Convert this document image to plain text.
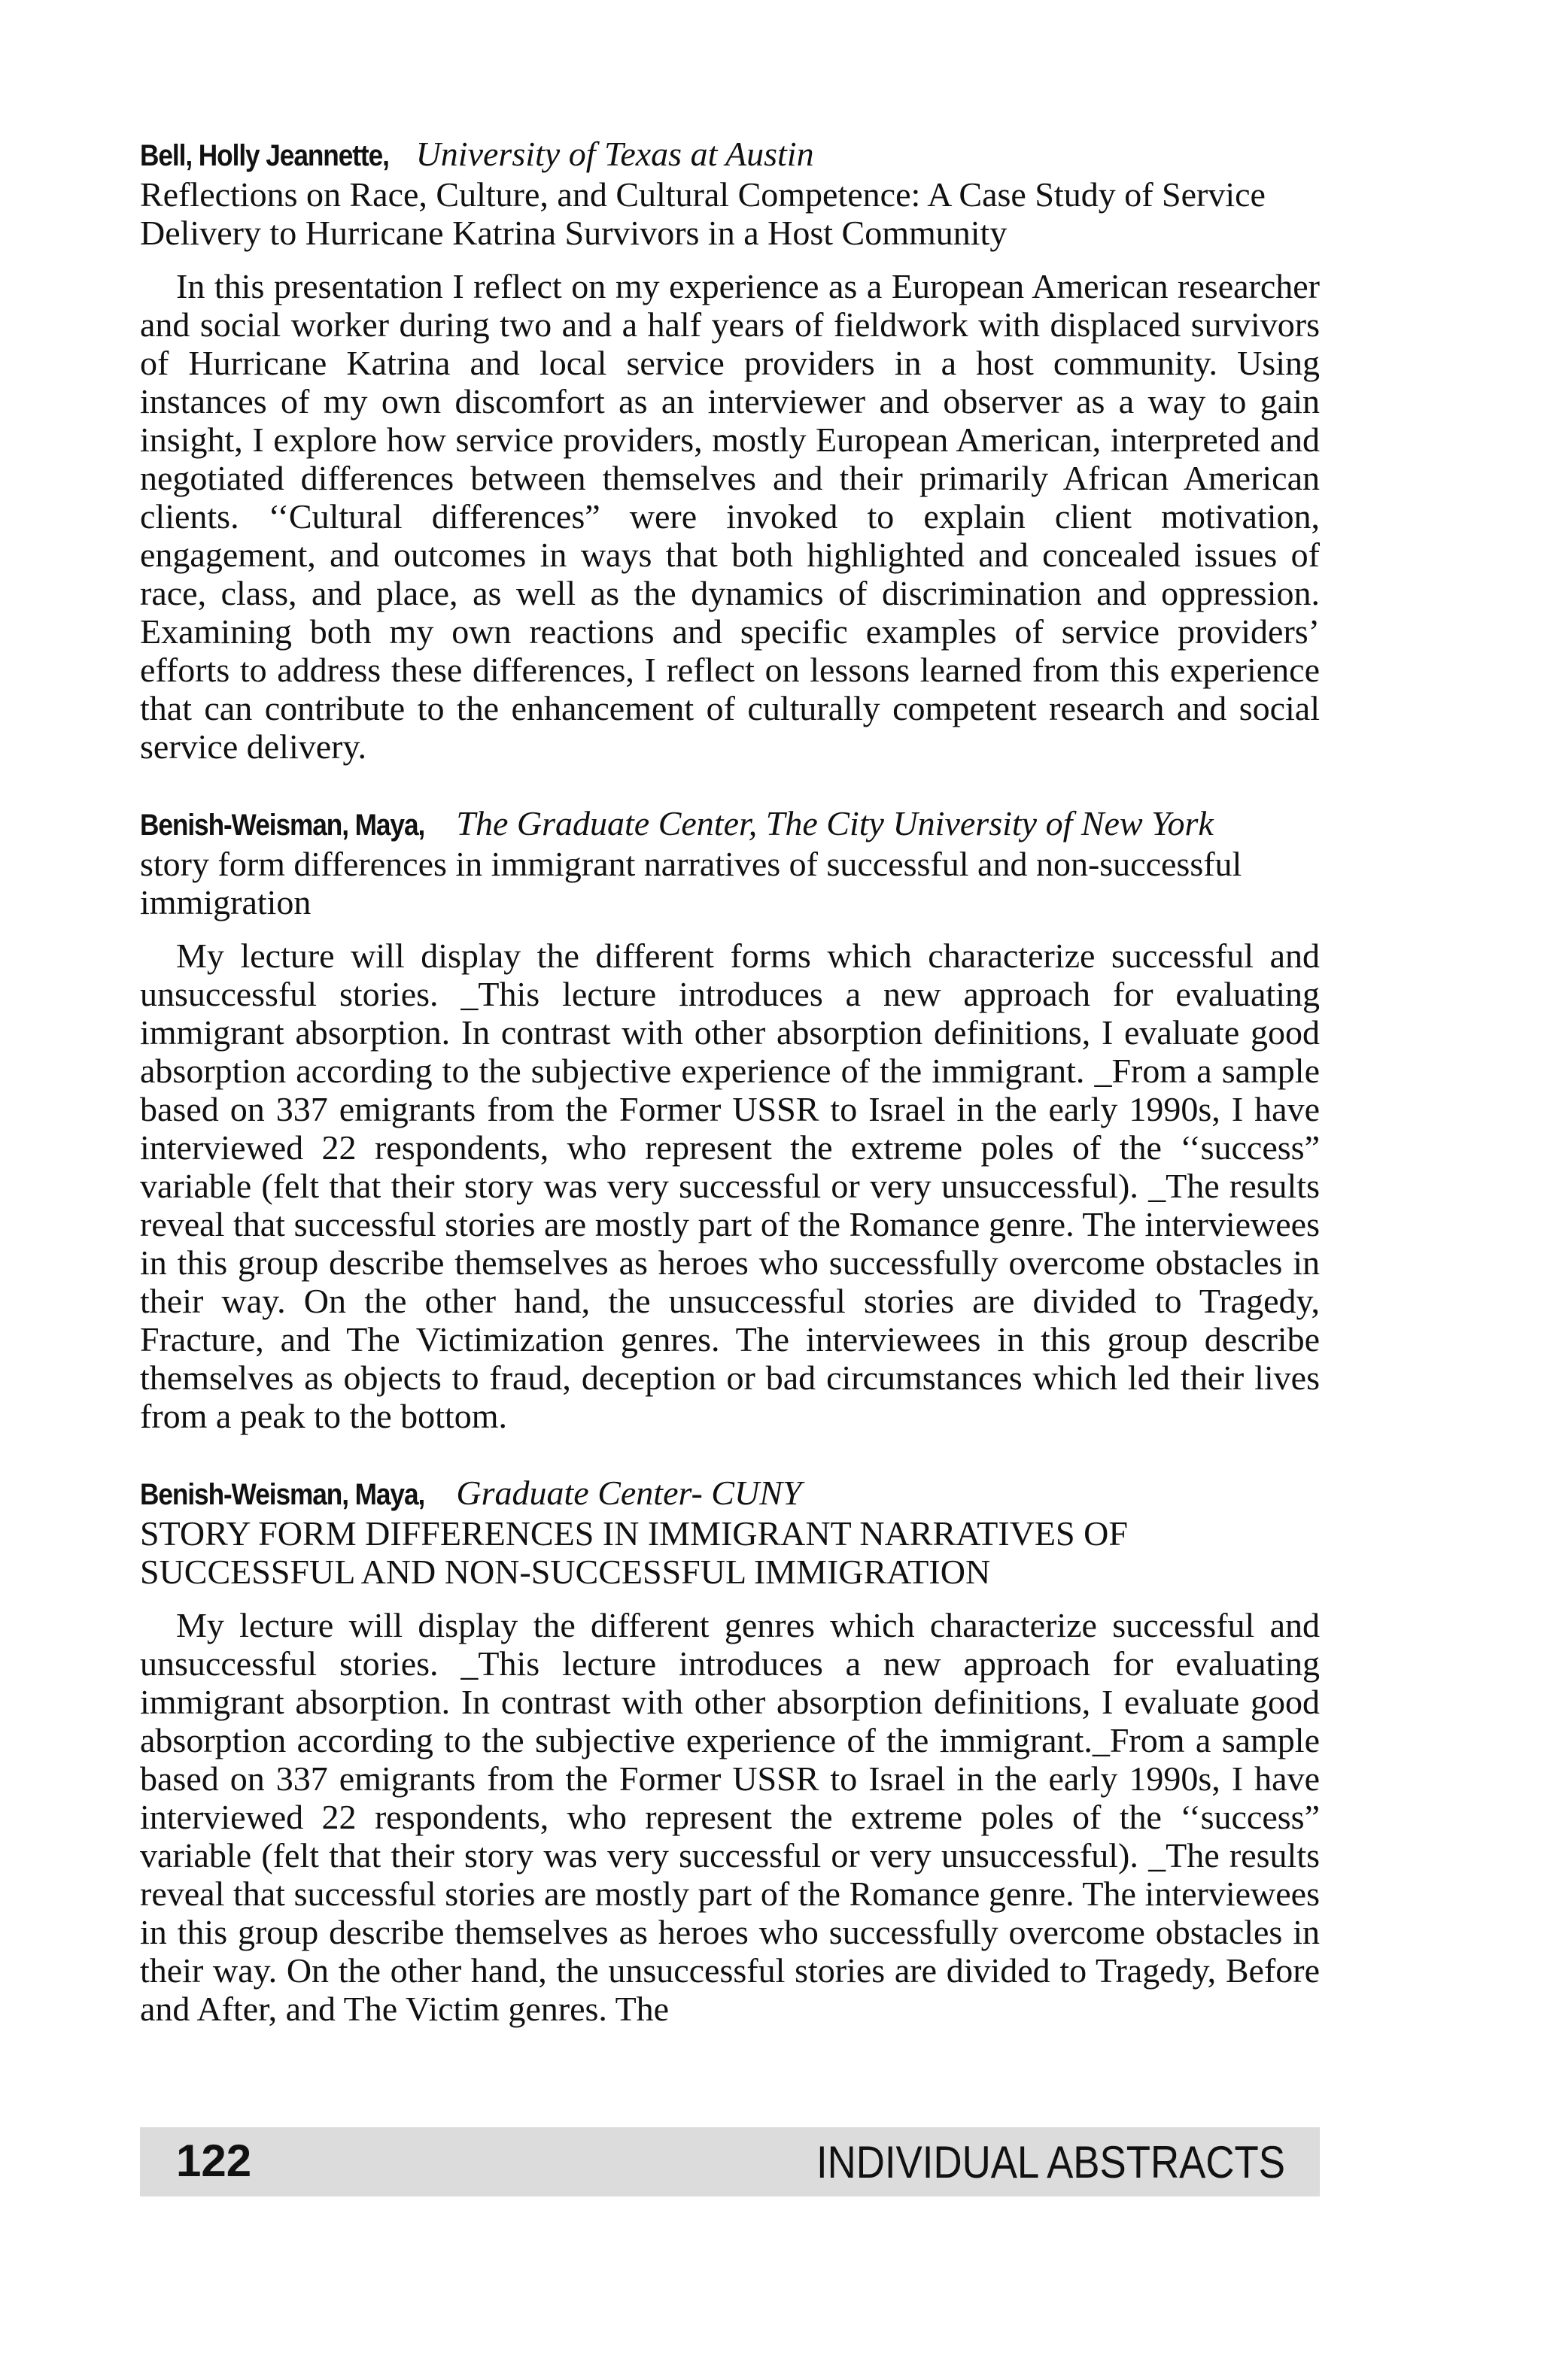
Bell, Holly Jeannette, University of Texas at Austin
Reflections on Race, Culture, and Cultural Competence: A Case Study of Service Delivery to Hurricane Katrina Survivors in a Host Community
In this presentation I reflect on my experience as a European American researcher and social worker during two and a half years of fieldwork with displaced survivors of Hurricane Katrina and local service providers in a host community. Using instances of my own discomfort as an interviewer and observer as a way to gain insight, I explore how service providers, mostly European American, interpreted and negotiated differences between themselves and their primarily African American clients. ‘‘Cultural differences” were invoked to explain client motivation, engagement, and outcomes in ways that both highlighted and concealed issues of race, class, and place, as well as the dynamics of discrimination and oppression. Examining both my own reactions and specific examples of service providers’ efforts to address these differences, I reflect on lessons learned from this experience that can contribute to the enhancement of culturally competent research and social service delivery.
Benish-Weisman, Maya, The Graduate Center, The City University of New York
story form differences in immigrant narratives of successful and non-successful immigration
My lecture will display the different forms which characterize successful and unsuccessful stories. _This lecture introduces a new approach for evaluating immigrant absorption. In contrast with other absorption definitions, I evaluate good absorption according to the subjective experience of the immigrant. _From a sample based on 337 emigrants from the Former USSR to Israel in the early 1990s, I have interviewed 22 respondents, who represent the extreme poles of the ‘‘success” variable (felt that their story was very successful or very unsuccessful). _The results reveal that successful stories are mostly part of the Romance genre. The interviewees in this group describe themselves as heroes who successfully overcome obstacles in their way. On the other hand, the unsuccessful stories are divided to Tragedy, Fracture, and The Victimization genres. The interviewees in this group describe themselves as objects to fraud, deception or bad circumstances which led their lives from a peak to the bottom.
Benish-Weisman, Maya, Graduate Center- CUNY
STORY FORM DIFFERENCES IN IMMIGRANT NARRATIVES OF SUCCESSFUL AND NON-SUCCESSFUL IMMIGRATION
My lecture will display the different genres which characterize successful and unsuccessful stories. _This lecture introduces a new approach for evaluating immigrant absorption. In contrast with other absorption definitions, I evaluate good absorption according to the subjective experience of the immigrant._From a sample based on 337 emigrants from the Former USSR to Israel in the early 1990s, I have interviewed 22 respondents, who represent the extreme poles of the ‘‘success” variable (felt that their story was very successful or very unsuccessful). _The results reveal that successful stories are mostly part of the Romance genre. The interviewees in this group describe themselves as heroes who successfully overcome obstacles in their way. On the other hand, the unsuccessful stories are divided to Tragedy, Before and After, and The Victim genres. The
122	INDIVIDUAL ABSTRACTS
